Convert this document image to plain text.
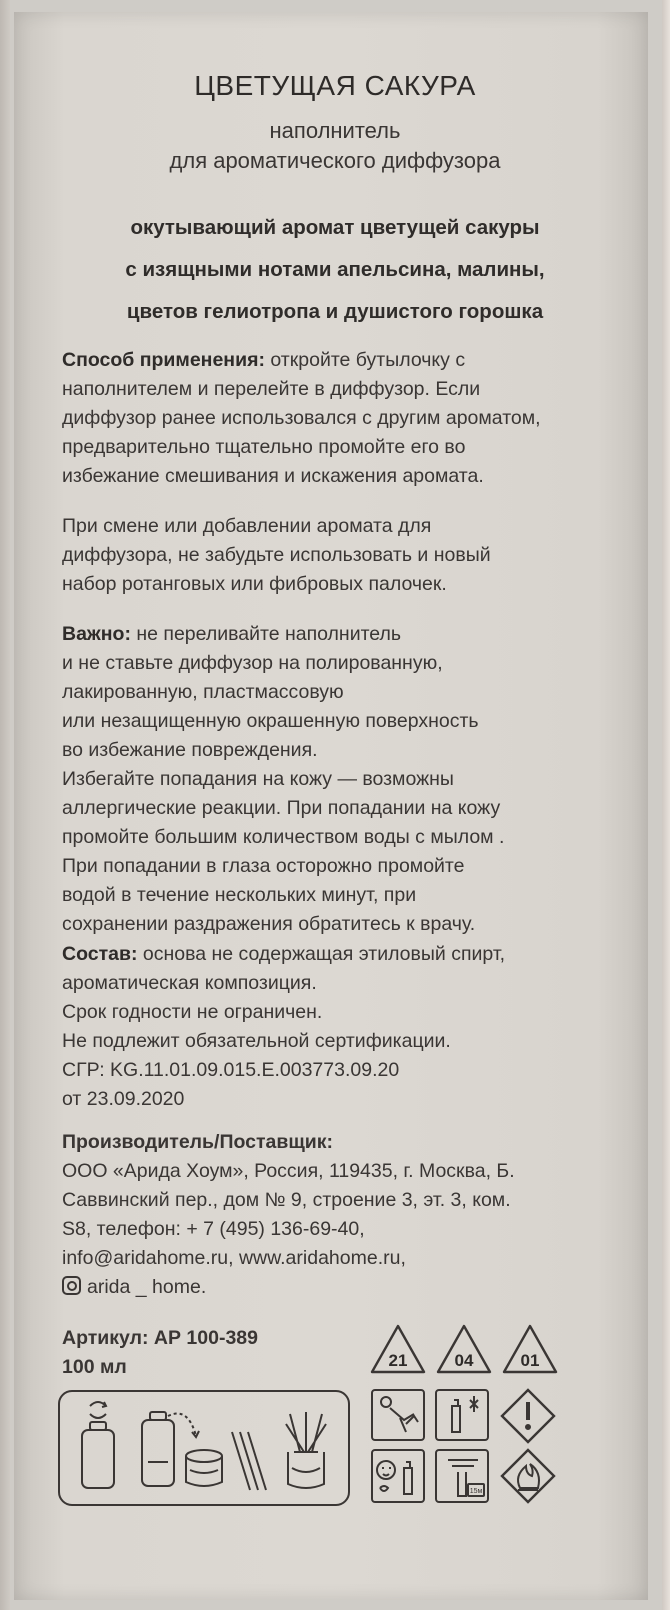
ЦВЕТУЩАЯ САКУРА
наполнитель
для ароматического диффузора
окутывающий аромат цветущей сакуры
с изящными нотами апельсина, малины,
цветов гелиотропа и душистого горошка
Способ применения: откройте бутылочку с
наполнителем и перелейте в диффузор. Если
диффузор ранее использовался с другим ароматом,
предварительно тщательно промойте его во
избежание смешивания и искажения аромата.
При смене или добавлении аромата для
диффузора, не забудьте использовать и новый
набор ротанговых или фибровых палочек.
Важно: не переливайте наполнитель
и не ставьте диффузор на полированную,
лакированную, пластмассовую
или незащищенную окрашенную поверхность
во избежание повреждения.
Избегайте попадания на кожу — возможны
аллергические реакции. При попадании на кожу
промойте большим количеством воды с мылом .
При попадании в глаза осторожно промойте
водой в течение нескольких минут, при
сохранении раздражения обратитесь к врачу.
Состав: основа не содержащая этиловый спирт,
ароматическая композиция.
Срок годности не ограничен.
Не подлежит обязательной сертификации.
СГР: KG.11.01.09.015.Е.003773.09.20
от 23.09.2020
Производитель/Поставщик:
ООО «Арида Хоум», Россия, 119435, г. Москва, Б.
Саввинский пер., дом № 9, строение 3, эт. 3, ком.
S8, телефон: + 7 (495) 136-69-40,
info@aridahome.ru, www.aridahome.ru,
arida _ home.
Артикул: АР 100-389
100 мл	21	04	01
15м
